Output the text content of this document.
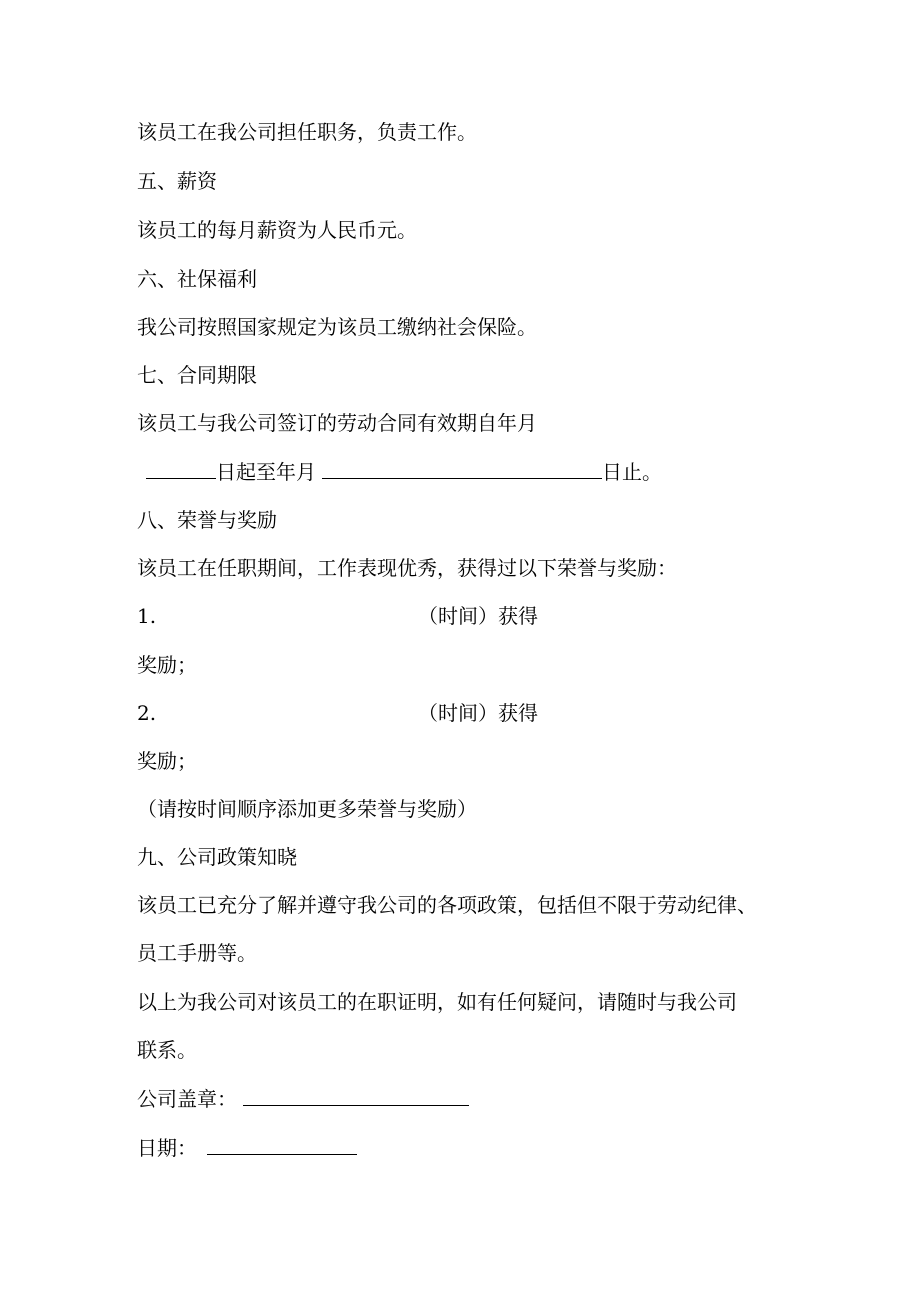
该员工在我公司担任职务，负责工作。
五、薪资
该员工的每月薪资为人民币元。
六、社保福利
我公司按照国家规定为该员工缴纳社会保险。
七、合同期限
该员工与我公司签订的劳动合同有效期自年月
日起至年月	日止。
八、荣誉与奖励
该员工在任职期间，工作表现优秀，获得过以下荣誉与奖励：
1.	（时间）获得
奖励；
2.	（时间）获得
奖励；
（请按时间顺序添加更多荣誉与奖励）
九、公司政策知晓
该员工已充分了解并遵守我公司的各项政策，包括但不限于劳动纪律、
员工手册等。
以上为我公司对该员工的在职证明，如有任何疑问，请随时与我公司
联系。
公司盖章：
日期：
